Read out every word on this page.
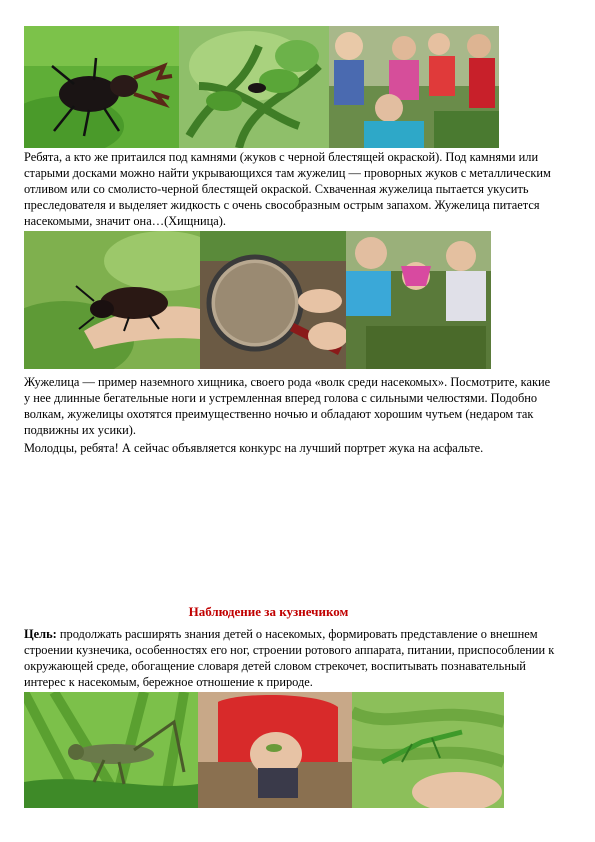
Ребята, а кто же притаился под камнями (жуков с черной блестящей окраской). Под камнями или старыми досками можно найти укрывающихся там жужелиц — проворных жуков с металлическим отливом или со смолисто-черной блестящей окраской. Схваченная жужелица пытается укусить преследователя и выделяет жидкость с очень свособразным острым запахом. Жужелица питается насекомыми, значит она…(Хищница).

Жужелица — пример наземного хищника, своего рода «волк среди насекомых». Посмотрите, какие у нее длинные бегательные ноги и устремленная вперед голова с сильными челюстями. Подобно волкам, жужелицы охотятся преимущественно ночью и обладают хорошим чутьем (недаром так подвижны их усики).

Молодцы, ребята! А сейчас объявляется конкурс на лучший портрет жука на асфальте.

Наблюдение за кузнечиком

Цель: продолжать расширять знания детей о насекомых, формировать представление о внешнем строении кузнечика, особенностях его ног, строении ротового аппарата, питании, приспособлении к окружающей среде, обогащение словаря детей словом стрекочет, воспитывать познавательный интерес к насекомым, бережное отношение к природе.
